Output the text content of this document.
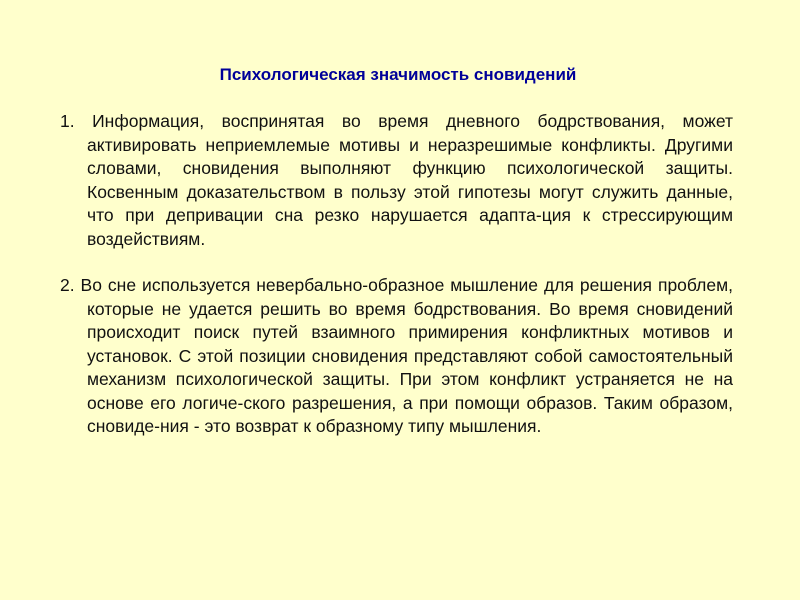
Психологическая значимость сновидений

1. Информация, воспринятая во время дневного бодрствования, может активировать неприемлемые мотивы и неразрешимые конфликты. Другими словами, сновидения выполняют функцию психологической защиты. Косвенным доказательством в пользу этой гипотезы могут служить данные, что при депривации сна резко нарушается адапта-ция к стрессирующим воздействиям.

2. Во сне используется невербально-образное мышление для решения проблем, которые не удается решить во время бодрствования. Во время сновидений происходит поиск путей взаимного примирения конфликтных мотивов и установок. С этой позиции сновидения представляют собой самостоятельный механизм психологической защиты. При этом конфликт устраняется не на основе его логиче-ского разрешения, а при помощи образов. Таким образом, сновиде-ния - это возврат к образному типу мышления.
